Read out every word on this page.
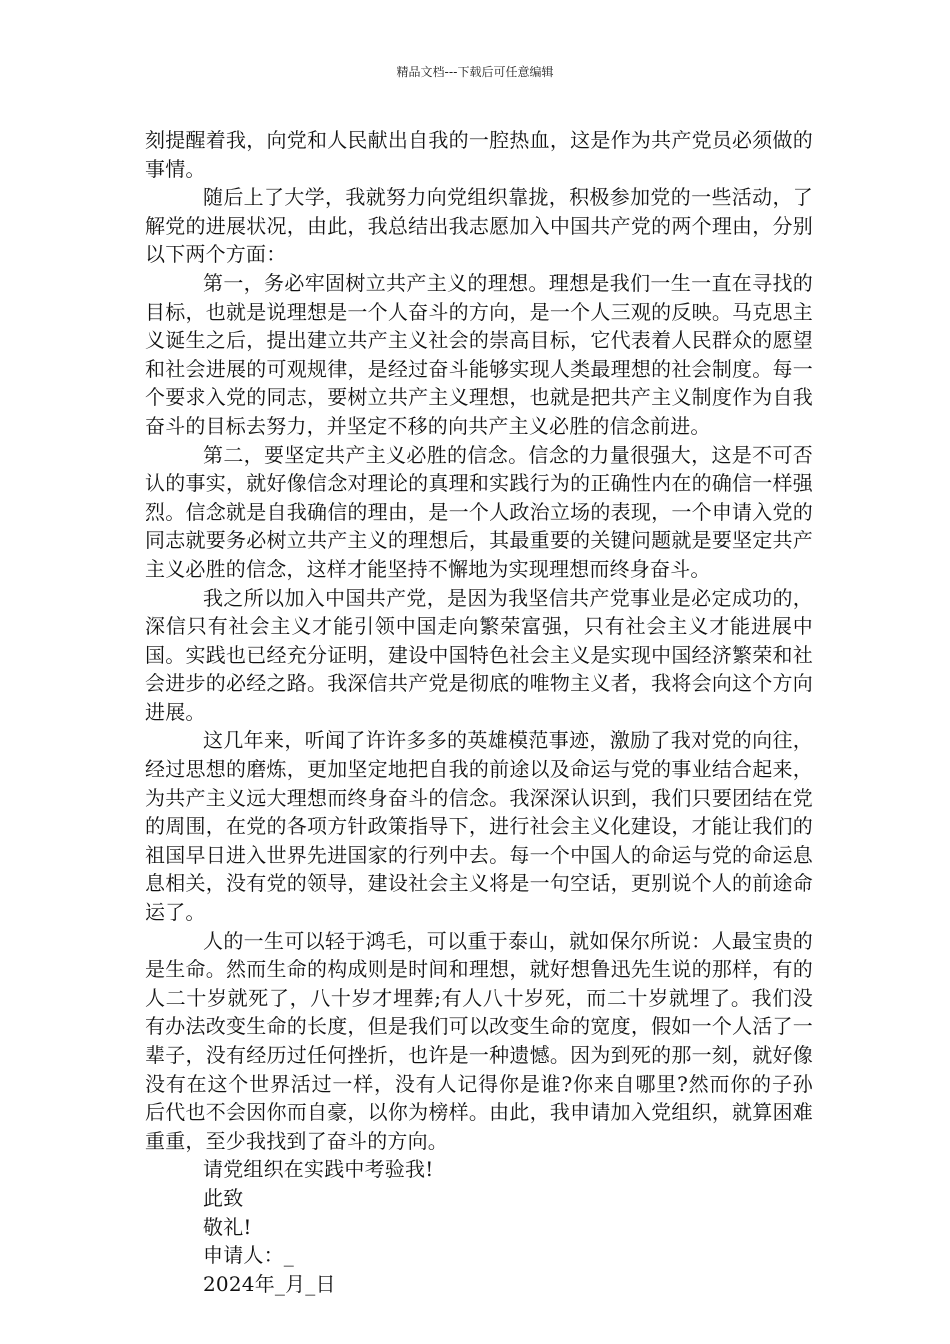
精品文档---下载后可任意编辑

刻提醒着我，向党和人民献出自我的一腔热血，这是作为共产党员必须做的事情。

随后上了大学，我就努力向党组织靠拢，积极参加党的一些活动，了解党的进展状况，由此，我总结出我志愿加入中国共产党的两个理由，分别以下两个方面：

第一，务必牢固树立共产主义的理想。理想是我们一生一直在寻找的目标，也就是说理想是一个人奋斗的方向，是一个人三观的反映。马克思主义诞生之后，提出建立共产主义社会的崇高目标，它代表着人民群众的愿望和社会进展的可观规律，是经过奋斗能够实现人类最理想的社会制度。每一个要求入党的同志，要树立共产主义理想，也就是把共产主义制度作为自我奋斗的目标去努力，并坚定不移的向共产主义必胜的信念前进。

第二，要坚定共产主义必胜的信念。信念的力量很强大，这是不可否认的事实，就好像信念对理论的真理和实践行为的正确性内在的确信一样强烈。信念就是自我确信的理由，是一个人政治立场的表现，一个申请入党的同志就要务必树立共产主义的理想后，其最重要的关键问题就是要坚定共产主义必胜的信念，这样才能坚持不懈地为实现理想而终身奋斗。

我之所以加入中国共产党，是因为我坚信共产党事业是必定成功的，深信只有社会主义才能引领中国走向繁荣富强，只有社会主义才能进展中国。实践也已经充分证明，建设中国特色社会主义是实现中国经济繁荣和社会进步的必经之路。我深信共产党是彻底的唯物主义者，我将会向这个方向进展。

这几年来，听闻了许许多多的英雄模范事迹，激励了我对党的向往，经过思想的磨炼，更加坚定地把自我的前途以及命运与党的事业结合起来，为共产主义远大理想而终身奋斗的信念。我深深认识到，我们只要团结在党的周围，在党的各项方针政策指导下，进行社会主义化建设，才能让我们的祖国早日进入世界先进国家的行列中去。每一个中国人的命运与党的命运息息相关，没有党的领导，建设社会主义将是一句空话，更别说个人的前途命运了。

人的一生可以轻于鸿毛，可以重于泰山，就如保尔所说：人最宝贵的是生命。然而生命的构成则是时间和理想，就好想鲁迅先生说的那样，有的人二十岁就死了，八十岁才埋葬;有人八十岁死，而二十岁就埋了。我们没有办法改变生命的长度，但是我们可以改变生命的宽度，假如一个人活了一辈子，没有经历过任何挫折，也许是一种遗憾。因为到死的那一刻，就好像没有在这个世界活过一样，没有人记得你是谁?你来自哪里?然而你的子孙后代也不会因你而自豪，以你为榜样。由此，我申请加入党组织，就算困难重重，至少我找到了奋斗的方向。

请党组织在实践中考验我!

此致

敬礼!

申请人：_

2024年_月_日
